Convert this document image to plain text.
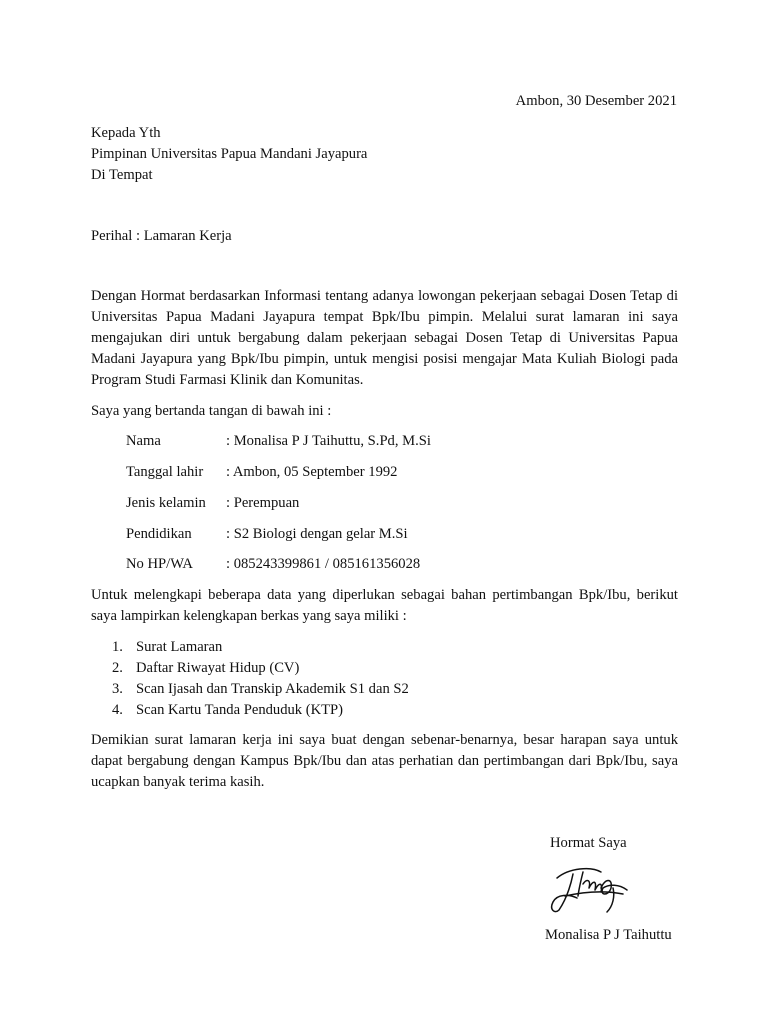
Ambon, 30 Desember 2021
Kepada Yth
Pimpinan Universitas Papua Mandani Jayapura
Di Tempat
Perihal : Lamaran Kerja
Dengan Hormat berdasarkan Informasi tentang adanya lowongan pekerjaan sebagai Dosen Tetap di Universitas Papua Madani Jayapura tempat Bpk/Ibu pimpin. Melalui surat lamaran ini saya mengajukan diri untuk bergabung dalam pekerjaan sebagai Dosen Tetap di Universitas Papua Madani Jayapura yang Bpk/Ibu pimpin, untuk mengisi posisi mengajar Mata Kuliah Biologi pada Program Studi Farmasi Klinik dan Komunitas.
Saya yang bertanda tangan di bawah ini :
Nama	: Monalisa P J Taihuttu, S.Pd, M.Si
Tanggal lahir : Ambon, 05 September 1992
Jenis kelamin : Perempuan
Pendidikan : S2 Biologi dengan gelar M.Si
No HP/WA : 085243399861 / 085161356028
Untuk melengkapi beberapa data yang diperlukan sebagai bahan pertimbangan Bpk/Ibu, berikut saya lampirkan kelengkapan berkas yang saya miliki :
1. Surat Lamaran
2. Daftar Riwayat Hidup (CV)
3. Scan Ijasah dan Transkip Akademik S1 dan S2
4. Scan Kartu Tanda Penduduk (KTP)
Demikian surat lamaran kerja ini saya buat dengan sebenar-benarnya, besar harapan saya untuk dapat bergabung dengan Kampus Bpk/Ibu dan atas perhatian dan pertimbangan dari Bpk/Ibu, saya ucapkan banyak terima kasih.
Hormat Saya
Monalisa P J Taihuttu
